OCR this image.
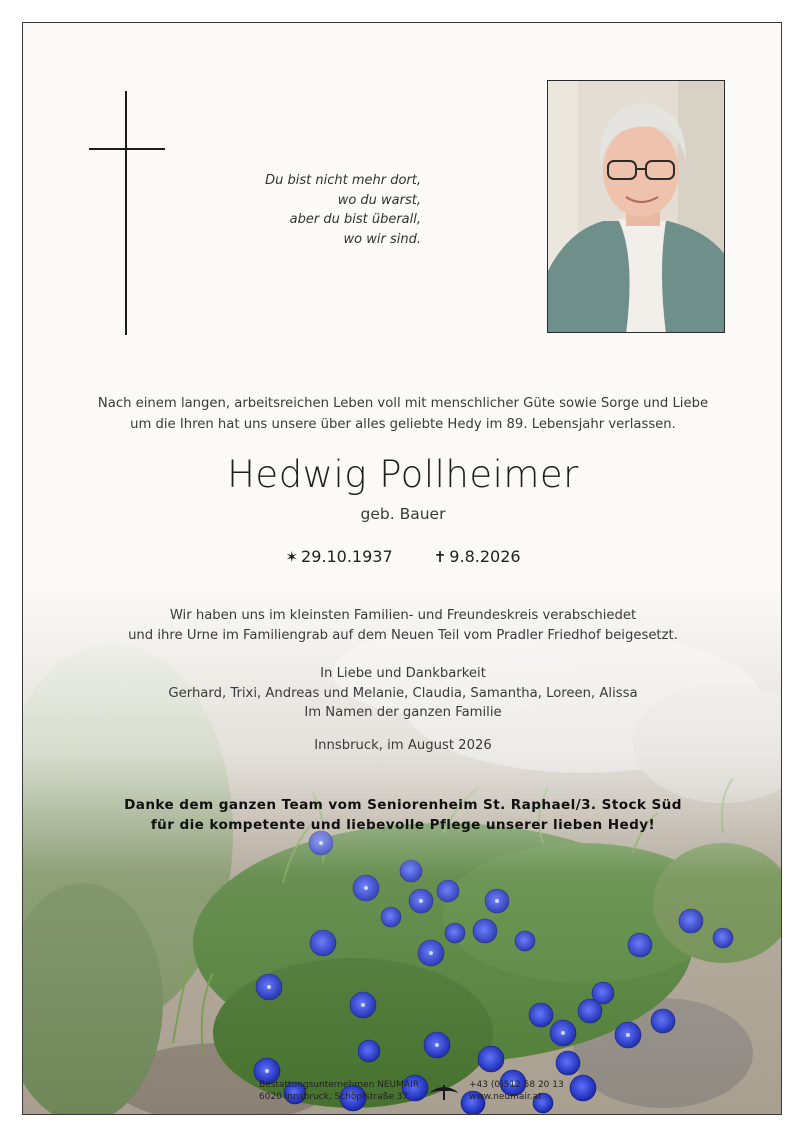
Du bist nicht mehr dort,
wo du warst,
aber du bist überall,
wo wir sind.
Nach einem langen, arbeitsreichen Leben voll mit menschlicher Güte sowie Sorge und Liebe
um die Ihren hat uns unsere über alles geliebte Hedy im 89. Lebensjahr verlassen.
Hedwig Pollheimer
geb. Bauer
✶ 29.10.1937	✝ 9.8.2026
Wir haben uns im kleinsten Familien- und Freundeskreis verabschiedet
und ihre Urne im Familiengrab auf dem Neuen Teil vom Pradler Friedhof beigesetzt.
In Liebe und Dankbarkeit
Gerhard, Trixi, Andreas und Melanie, Claudia, Samantha, Loreen, Alissa
Im Namen der ganzen Familie
Innsbruck, im August 2026
Danke dem ganzen Team vom Seniorenheim St. Raphael/3. Stock Süd
für die kompetente und liebevolle Pflege unserer lieben Hedy!
Bestattungsunternehmen NEUMAIR
6020 Innsbruck, Schöpfstraße 37
+43 (0)512 58 20 13
www.neumair.at
